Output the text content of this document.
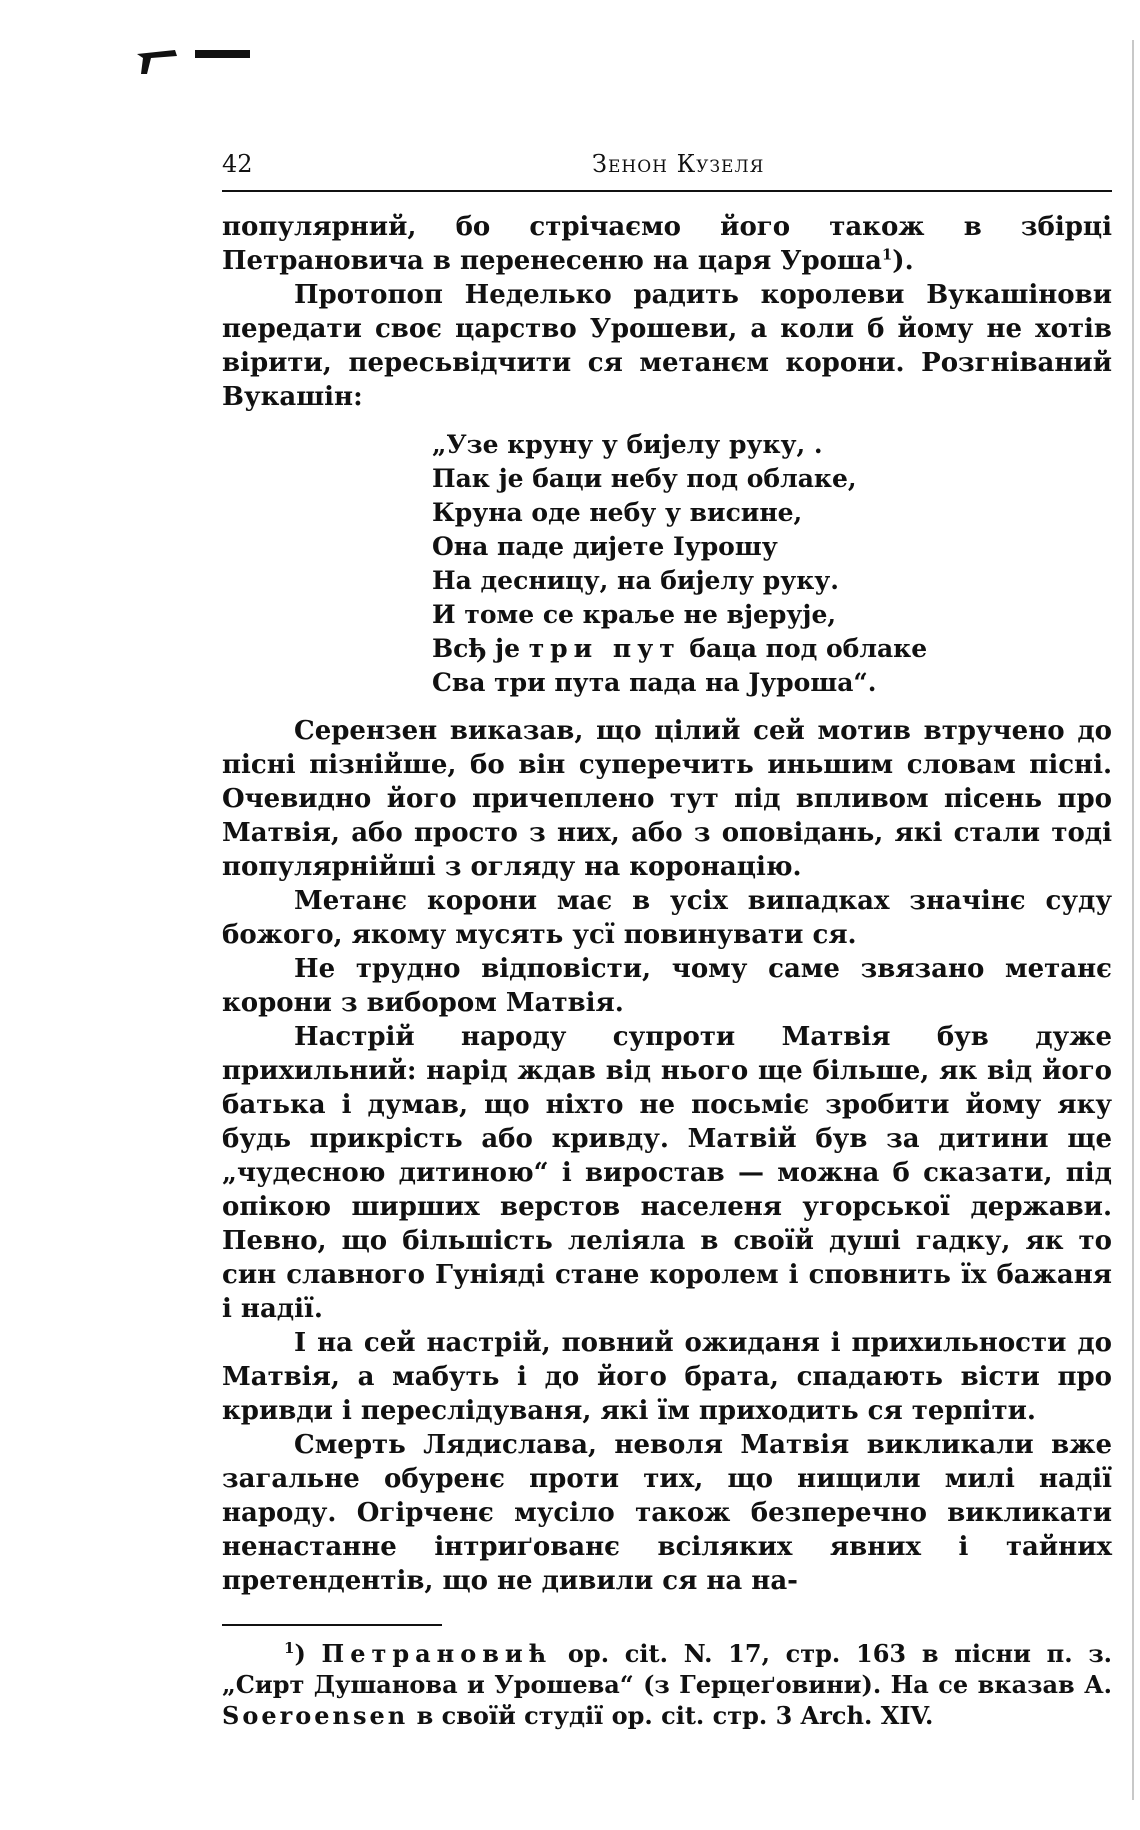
42	Зенон Кузеля

популярний, бо стрічаємо його також в збірці Петрановича в перенесеню на царя Уроша$^1$).

Протопоп Неделько радить королеви Вукашінови передати своє царство Урошеви, а коли б йому не хотів вірити, пересьвідчити ся метанєм корони. Розгніваний Вукашін:

„Узе круну у бијелу руку, .
Пак је баци небу под облаке,
Круна оде небу у висине,
Она паде дијете Іурошу
На десницу, на бијелу руку.
И томе се краље не вјерује,
Всђ је три пут баца под облаке
Сва три пута пада на Јуроша“.

Серензен виказав, що цілий сей мотив втручено до пісні пізнійше, бо він суперечить иньшим словам пісні. Очевидно його причеплено тут під впливом пісень про Матвія, або просто з них, або з оповідань, які стали тоді популярнійші з огляду на коронацію.

Метанє корони має в усіх випадках значінє суду божого, якому мусять усї повинувати ся.

Не трудно відповісти, чому саме звязано метанє корони з вибором Матвія.

Настрій народу супроти Матвія був дуже прихильний: нарід ждав від нього ще більше, як від його батька і думав, що ніхто не посьміє зробити йому яку будь прикрість або кривду. Матвій був за дитини ще „чудесною дитиною“ і виростав — можна б сказати, під опікою ширших верстов населеня угорської держави. Певно, що більшість леліяла в своїй душі гадку, як то син славного Гуніяді стане королем і сповнить їх бажаня і надії.

І на сей настрій, повний ожиданя і прихильности до Матвія, а мабуть і до його брата, спадають вісти про кривди і переслідуваня, які їм приходить ся терпіти.

Смерть Лядислава, неволя Матвія викликали вже загальне обуренє проти тих, що нищили милі надії народу. Огірченє мусіло також безперечно викликати ненастанне інтриґованє всіляких явних і тайних претендентів, що не дивили ся на на-

$^1$) Петрановић op. cit. N. 17, стр. 163 в пісни п. з. „Сирт Душанова и Урошева“ (з Герцеґовини). На се вказав А. Soeroensen в своїй студії op. cit. стр. 3 Arch. XIV.
